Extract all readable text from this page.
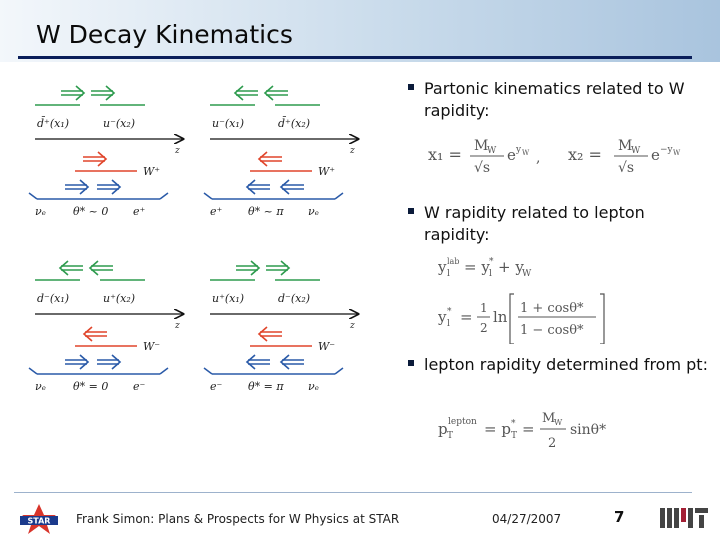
W Decay Kinematics
d̄⁺(x₁)	u⁻(x₂)
z
W⁺
νₑ θ* ~ 0 e⁺
u⁻(x₁)	d̄⁺(x₂)
z
W⁺
e⁺ θ* ~ π νₑ
d⁻(x₁)	u⁺(x₂)
z
W⁻
νₑ θ* = 0 e⁻
u⁺(x₁)	d⁻(x₂)
z
W⁻
e⁻ θ* = π νₑ
Partonic kinematics related to W rapidity:
W rapidity related to lepton rapidity:
lepton rapidity determined from pt:
x₁ = M
W
√s
e y W , x₂ = M
W
√s
e −y W
y l
lab = y l
* + y
W
y l
* = 1
2
ln 1 + cosθ*
1 − cosθ*
p T
lepton = p T
* =
M
W
2
sinθ*
STAR Frank Simon: Plans & Prospects for W Physics at STAR	04/27/2007	7
